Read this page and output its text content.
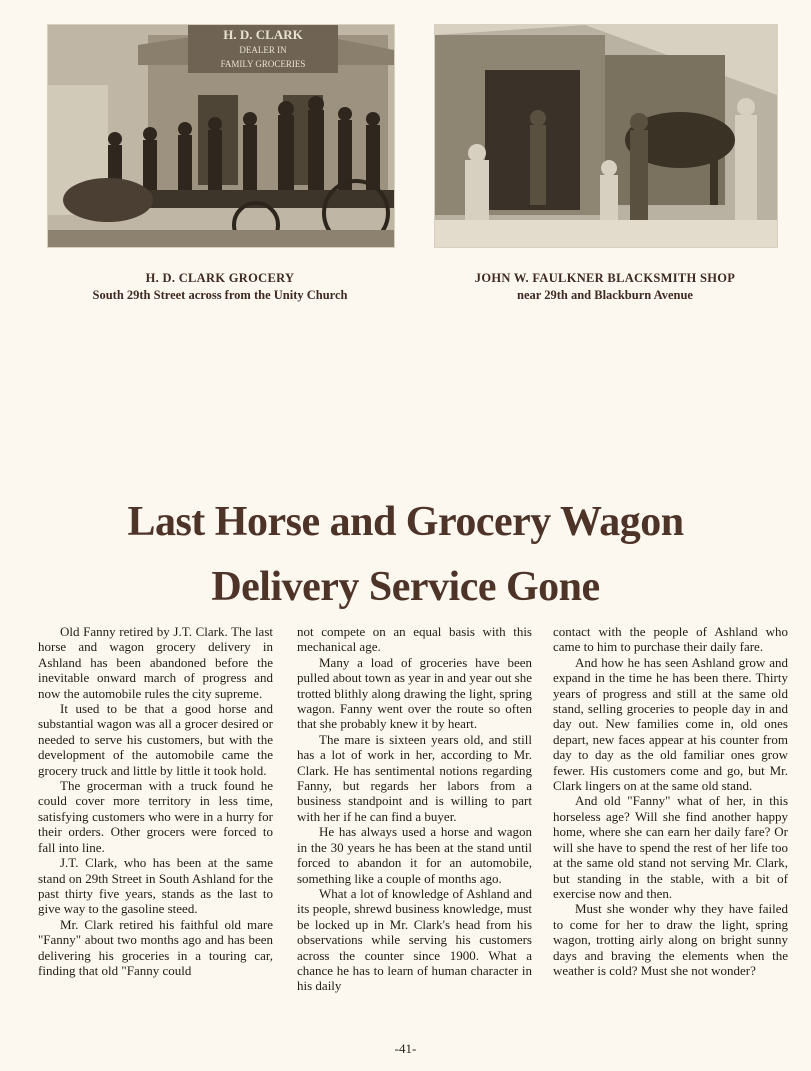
H. D. CLARK
DEALER IN
FAMILY GROCERIES
H. D. CLARK GROCERY
South 29th Street across from the Unity Church
JOHN W. FAULKNER BLACKSMITH SHOP
near 29th and Blackburn Avenue
Last Horse and Grocery Wagon
Delivery Service Gone

Old Fanny retired by J.T. Clark. The last horse and wagon grocery delivery in Ashland has been abandoned before the inevitable onward march of progress and now the automobile rules the city supreme.

It used to be that a good horse and substantial wagon was all a grocer desired or needed to serve his customers, but with the development of the automobile came the grocery truck and little by little it took hold.

The grocerman with a truck found he could cover more territory in less time, satisfying customers who were in a hurry for their orders. Other grocers were forced to fall into line.

J.T. Clark, who has been at the same stand on 29th Street in South Ashland for the past thirty five years, stands as the last to give way to the gasoline steed.

Mr. Clark retired his faithful old mare "Fanny" about two months ago and has been delivering his groceries in a touring car, finding that old "Fanny could

not compete on an equal basis with this mechanical age.

Many a load of groceries have been pulled about town as year in and year out she trotted blithly along drawing the light, spring wagon. Fanny went over the route so often that she probably knew it by heart.

The mare is sixteen years old, and still has a lot of work in her, according to Mr. Clark. He has sentimental notions regarding Fanny, but regards her labors from a business standpoint and is willing to part with her if he can find a buyer.

He has always used a horse and wagon in the 30 years he has been at the stand until forced to abandon it for an automobile, something like a couple of months ago.

What a lot of knowledge of Ashland and its people, shrewd business knowledge, must be locked up in Mr. Clark's head from his observations while serving his customers across the counter since 1900. What a chance he has to learn of human character in his daily

contact with the people of Ashland who came to him to purchase their daily fare.

And how he has seen Ashland grow and expand in the time he has been there. Thirty years of progress and still at the same old stand, selling groceries to people day in and day out. New families come in, old ones depart, new faces appear at his counter from day to day as the old familiar ones grow fewer. His customers come and go, but Mr. Clark lingers on at the same old stand.

And old "Fanny" what of her, in this horseless age? Will she find another happy home, where she can earn her daily fare? Or will she have to spend the rest of her life too at the same old stand not serving Mr. Clark, but standing in the stable, with a bit of exercise now and then.

Must she wonder why they have failed to come for her to draw the light, spring wagon, trotting airly along on bright sunny days and braving the elements when the weather is cold? Must she not wonder?

-41-
